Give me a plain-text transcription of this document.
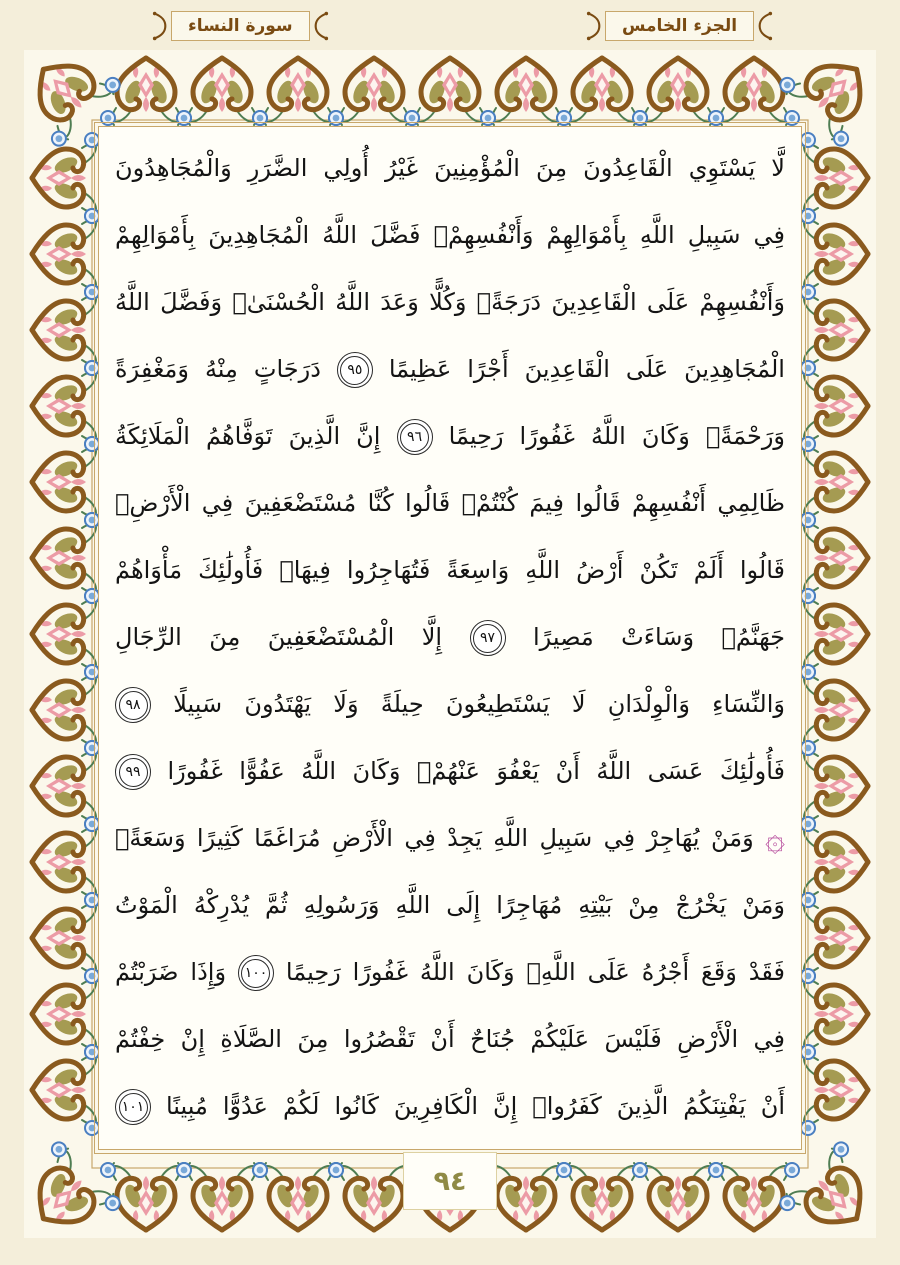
سورة النساء	الجزء الخامس
لَّا يَسْتَوِي الْقَاعِدُونَ مِنَ الْمُؤْمِنِينَ غَيْرُ أُولِي الضَّرَرِ وَالْمُجَاهِدُونَ
فِي سَبِيلِ اللَّهِ بِأَمْوَالِهِمْ وَأَنْفُسِهِمْۚ فَضَّلَ اللَّهُ الْمُجَاهِدِينَ بِأَمْوَالِهِمْ
وَأَنْفُسِهِمْ عَلَى الْقَاعِدِينَ دَرَجَةًۚ وَكُلًّا وَعَدَ اللَّهُ الْحُسْنَىٰۚ وَفَضَّلَ اللَّهُ
الْمُجَاهِدِينَ عَلَى الْقَاعِدِينَ أَجْرًا عَظِيمًا
٩٥
دَرَجَاتٍ مِنْهُ وَمَغْفِرَةً
وَرَحْمَةًۚ وَكَانَ اللَّهُ غَفُورًا رَحِيمًا
٩٦
إِنَّ الَّذِينَ تَوَفَّاهُمُ الْمَلَائِكَةُ
ظَالِمِي أَنْفُسِهِمْ قَالُوا فِيمَ كُنْتُمْۖ قَالُوا كُنَّا مُسْتَضْعَفِينَ فِي الْأَرْضِۚ
قَالُوا أَلَمْ تَكُنْ أَرْضُ اللَّهِ وَاسِعَةً فَتُهَاجِرُوا فِيهَاۚ فَأُولَٰئِكَ مَأْوَاهُمْ
جَهَنَّمُۖ وَسَاءَتْ مَصِيرًا
٩٧
إِلَّا الْمُسْتَضْعَفِينَ مِنَ الرِّجَالِ
وَالنِّسَاءِ وَالْوِلْدَانِ لَا يَسْتَطِيعُونَ حِيلَةً وَلَا يَهْتَدُونَ سَبِيلًا
٩٨
فَأُولَٰئِكَ عَسَى اللَّهُ أَنْ يَعْفُوَ عَنْهُمْۚ وَكَانَ اللَّهُ عَفُوًّا غَفُورًا
٩٩
۞ وَمَنْ يُهَاجِرْ فِي سَبِيلِ اللَّهِ يَجِدْ فِي الْأَرْضِ مُرَاغَمًا كَثِيرًا وَسَعَةًۚ
وَمَنْ يَخْرُجْ مِنْ بَيْتِهِ مُهَاجِرًا إِلَى اللَّهِ وَرَسُولِهِ ثُمَّ يُدْرِكْهُ الْمَوْتُ
فَقَدْ وَقَعَ أَجْرُهُ عَلَى اللَّهِۗ وَكَانَ اللَّهُ غَفُورًا رَحِيمًا
١٠٠
وَإِذَا ضَرَبْتُمْ
فِي الْأَرْضِ فَلَيْسَ عَلَيْكُمْ جُنَاحٌ أَنْ تَقْصُرُوا مِنَ الصَّلَاةِ إِنْ خِفْتُمْ
أَنْ يَفْتِنَكُمُ الَّذِينَ كَفَرُواۚ إِنَّ الْكَافِرِينَ كَانُوا لَكُمْ عَدُوًّا مُبِينًا
١٠١
٩٤
